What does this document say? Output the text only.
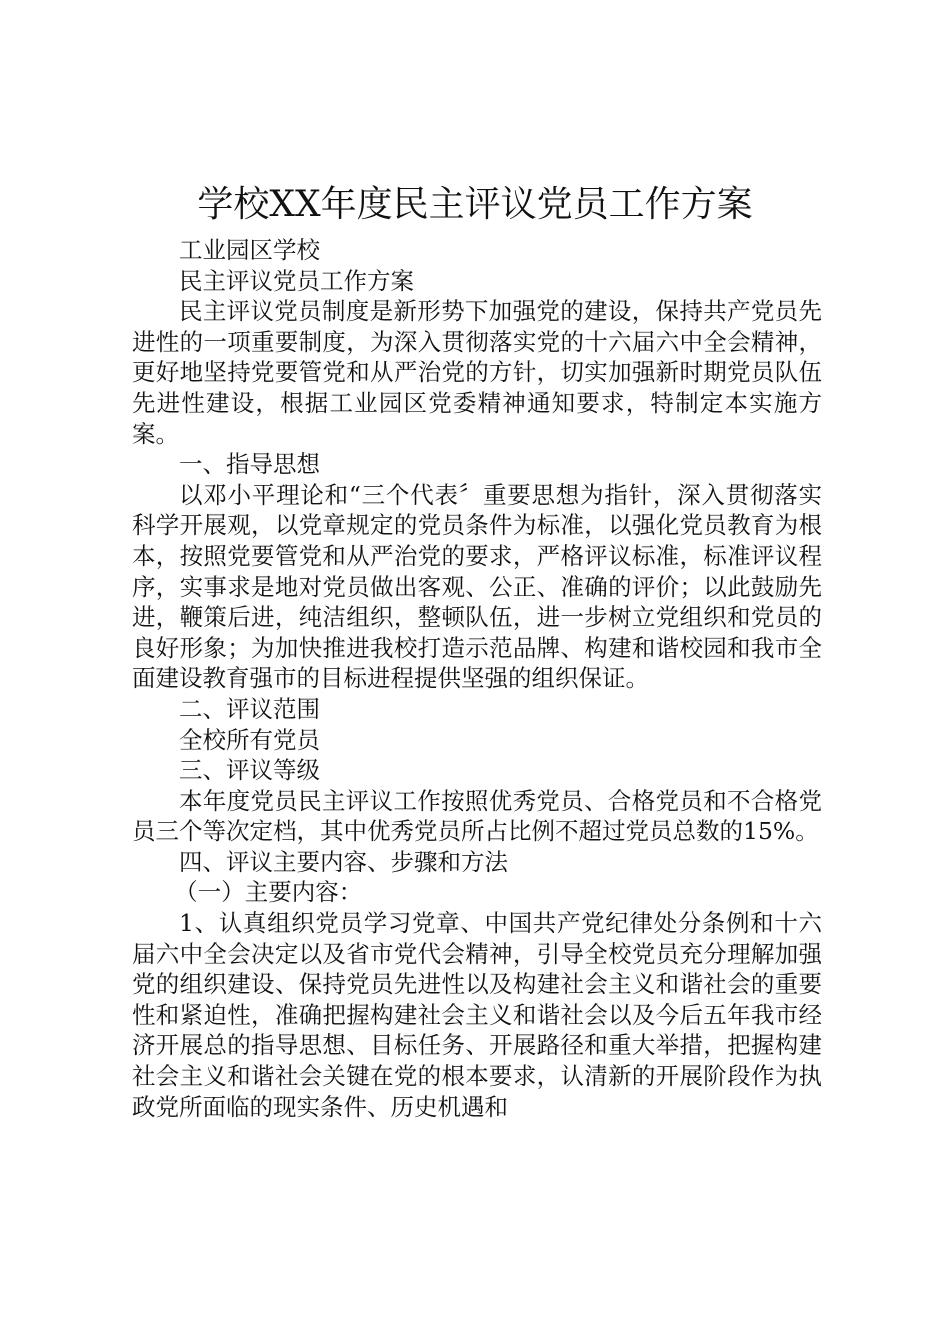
学校XX年度民主评议党员工作方案

工业园区学校

民主评议党员工作方案

民主评议党员制度是新形势下加强党的建设，保持共产党员先进性的一项重要制度，为深入贯彻落实党的十六届六中全会精神，更好地坚持党要管党和从严治党的方针，切实加强新时期党员队伍先进性建设，根据工业园区党委精神通知要求，特制定本实施方案。

一、指导思想

以邓小平理论和“三个代表〞重要思想为指针，深入贯彻落实科学开展观，以党章规定的党员条件为标准，以强化党员教育为根本，按照党要管党和从严治党的要求，严格评议标准，标准评议程序，实事求是地对党员做出客观、公正、准确的评价；以此鼓励先进，鞭策后进，纯洁组织，整顿队伍，进一步树立党组织和党员的良好形象；为加快推进我校打造示范品牌、构建和谐校园和我市全面建设教育强市的目标进程提供坚强的组织保证。

二、评议范围

全校所有党员

三、评议等级

本年度党员民主评议工作按照优秀党员、合格党员和不合格党员三个等次定档，其中优秀党员所占比例不超过党员总数的15%。

四、评议主要内容、步骤和方法

（一）主要内容：

1、认真组织党员学习党章、中国共产党纪律处分条例和十六届六中全会决定以及省市党代会精神，引导全校党员充分理解加强党的组织建设、保持党员先进性以及构建社会主义和谐社会的重要性和紧迫性，准确把握构建社会主义和谐社会以及今后五年我市经济开展总的指导思想、目标任务、开展路径和重大举措，把握构建社会主义和谐社会关键在党的根本要求，认清新的开展阶段作为执政党所面临的现实条件、历史机遇和
